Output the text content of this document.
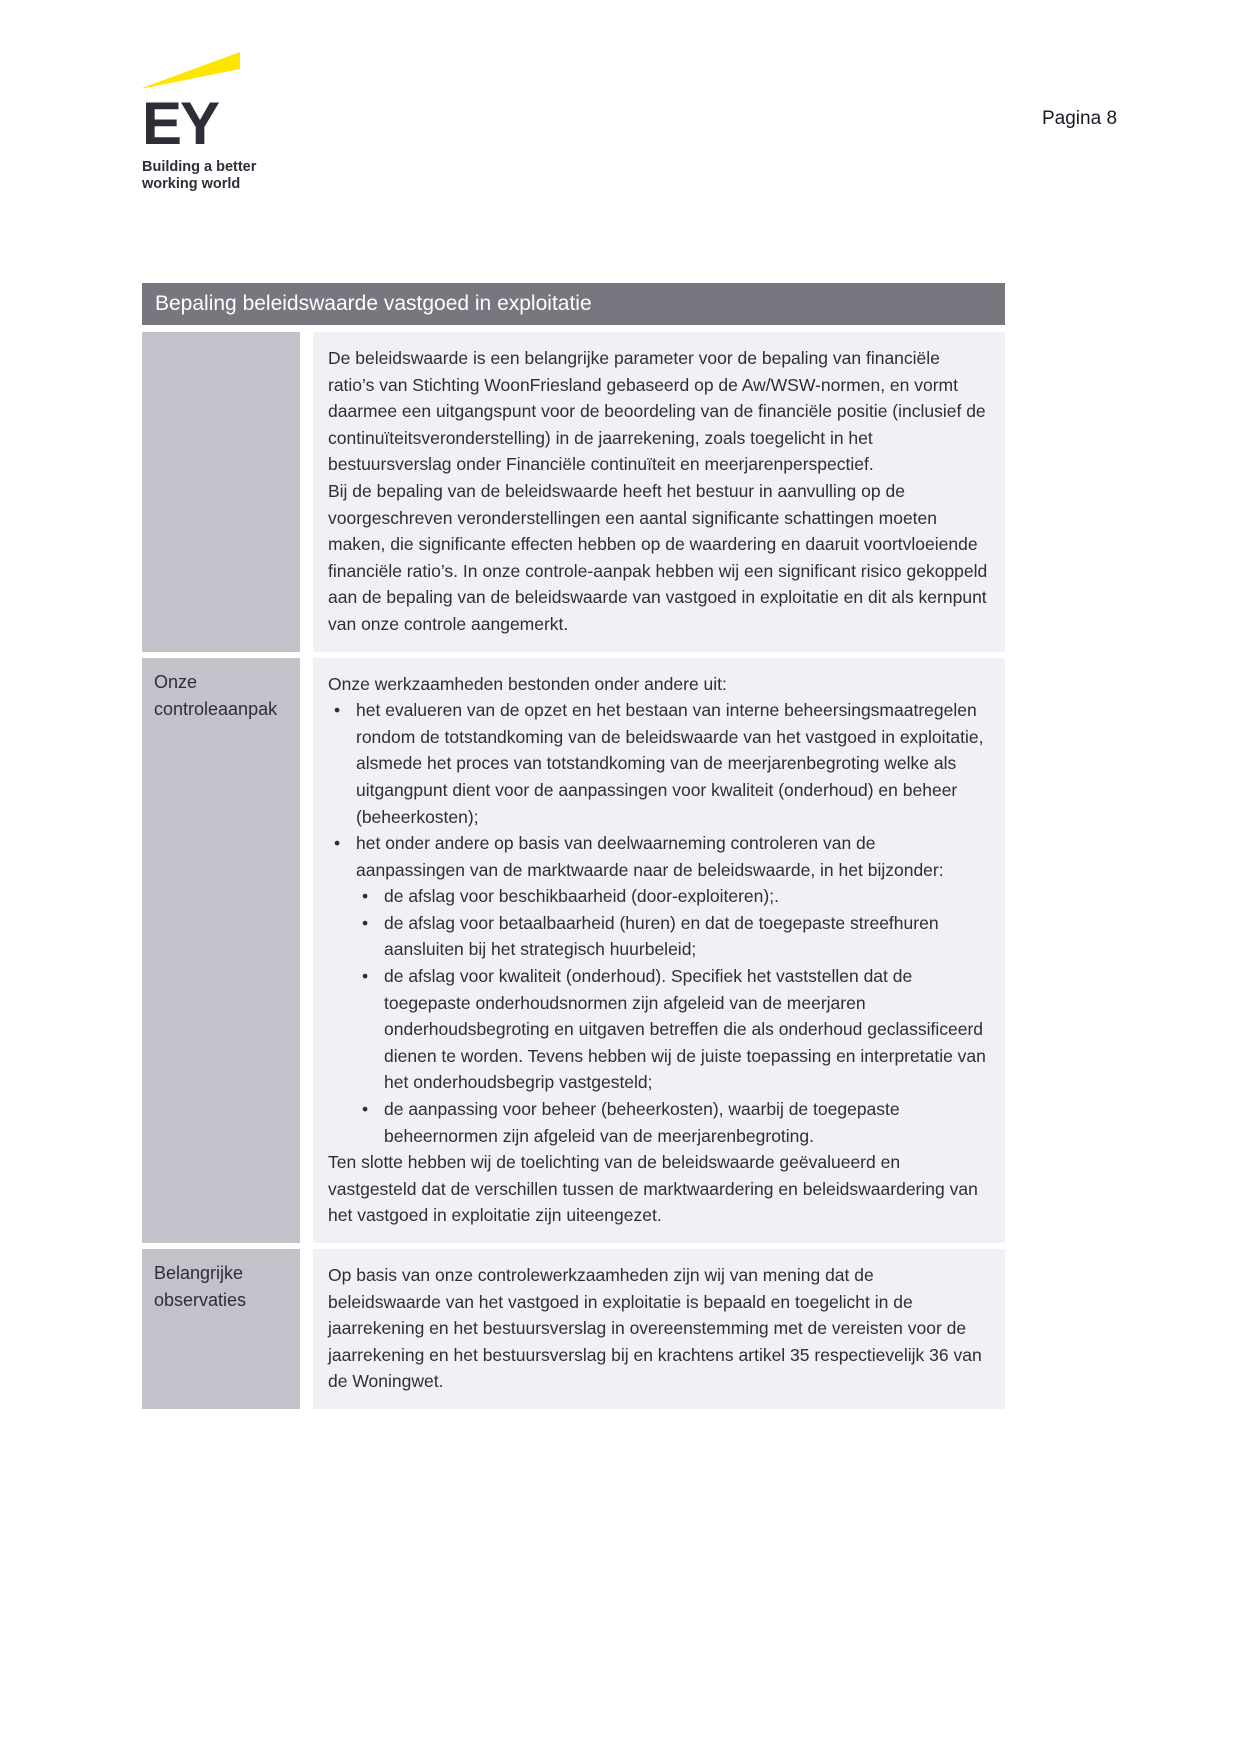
EY
Building a better
working world
Pagina 8
Bepaling beleidswaarde vastgoed in exploitatie

De beleidswaarde is een belangrijke parameter voor de bepaling van financiële ratio’s van Stichting WoonFriesland gebaseerd op de Aw/WSW-normen, en vormt daarmee een uitgangspunt voor de beoordeling van de financiële positie (inclusief de continuïteitsveronderstelling) in de jaarrekening, zoals toegelicht in het bestuursverslag onder Financiële continuïteit en meerjarenperspectief.

Bij de bepaling van de beleidswaarde heeft het bestuur in aanvulling op de voorgeschreven veronderstellingen een aantal significante schattingen moeten maken, die significante effecten hebben op de waardering en daaruit voortvloeiende financiële ratio’s. In onze controle-aanpak hebben wij een significant risico gekoppeld aan de bepaling van de beleidswaarde van vastgoed in exploitatie en dit als kernpunt van onze controle aangemerkt.

Onze controleaanpak

Onze werkzaamheden bestonden onder andere uit:

• het evalueren van de opzet en het bestaan van interne beheersingsmaatregelen rondom de totstandkoming van de beleidswaarde van het vastgoed in exploitatie, alsmede het proces van totstandkoming van de meerjarenbegroting welke als uitgangpunt dient voor de aanpassingen voor kwaliteit (onderhoud) en beheer (beheerkosten);
• het onder andere op basis van deelwaarneming controleren van de aanpassingen van de marktwaarde naar de beleidswaarde, in het bijzonder:
• de afslag voor beschikbaarheid (door-exploiteren);.
• de afslag voor betaalbaarheid (huren) en dat de toegepaste streefhuren aansluiten bij het strategisch huurbeleid;
• de afslag voor kwaliteit (onderhoud). Specifiek het vaststellen dat de toegepaste onderhoudsnormen zijn afgeleid van de meerjaren onderhoudsbegroting en uitgaven betreffen die als onderhoud geclassificeerd dienen te worden. Tevens hebben wij de juiste toepassing en interpretatie van het onderhoudsbegrip vastgesteld;
• de aanpassing voor beheer (beheerkosten), waarbij de toegepaste beheernormen zijn afgeleid van de meerjarenbegroting.

Ten slotte hebben wij de toelichting van de beleidswaarde geëvalueerd en vastgesteld dat de verschillen tussen de marktwaardering en beleidswaardering van het vastgoed in exploitatie zijn uiteengezet.

Belangrijke observaties

Op basis van onze controlewerkzaamheden zijn wij van mening dat de beleidswaarde van het vastgoed in exploitatie is bepaald en toegelicht in de jaarrekening en het bestuursverslag in overeenstemming met de vereisten voor de jaarrekening en het bestuursverslag bij en krachtens artikel 35 respectievelijk 36 van de Woningwet.
